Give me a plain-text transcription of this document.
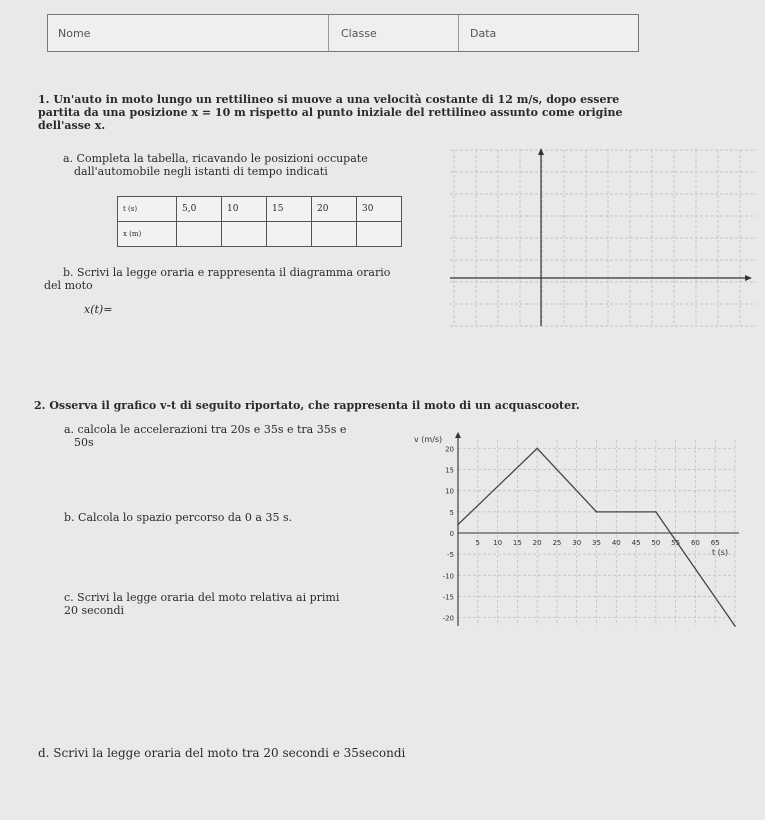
Nome	Classe	Data
1. Un'auto in moto lungo un rettilineo si muove a una velocità costante di 12 m/s, dopo essere
partita da una posizione x = 10 m rispetto al punto iniziale del rettilineo assunto come origine
dell'asse x.
a. Completa la tabella, ricavando le posizioni occupate
dall'automobile negli istanti di tempo indicati
t (s)	5,0	10	15	20	30
x (m)					
b. Scrivi la legge oraria e rappresenta il diagramma orario
del moto
x(t)=
2. Osserva il grafico v-t di seguito riportato, che rappresenta il moto di un acquascooter.
a. calcola le accelerazioni tra 20s e 35s e tra 35s e
50s
b. Calcola lo spazio percorso da 0 a 35 s.
c. Scrivi la legge oraria del moto relativa ai primi
20 secondi
d. Scrivi la legge oraria del moto tra 20 secondi e 35secondi
5 10 15 20 25 30 35 40 45 50 55 60 65
20
15
10
5
0
-5
-10
-15
-20
v (m/s)
t (s)
